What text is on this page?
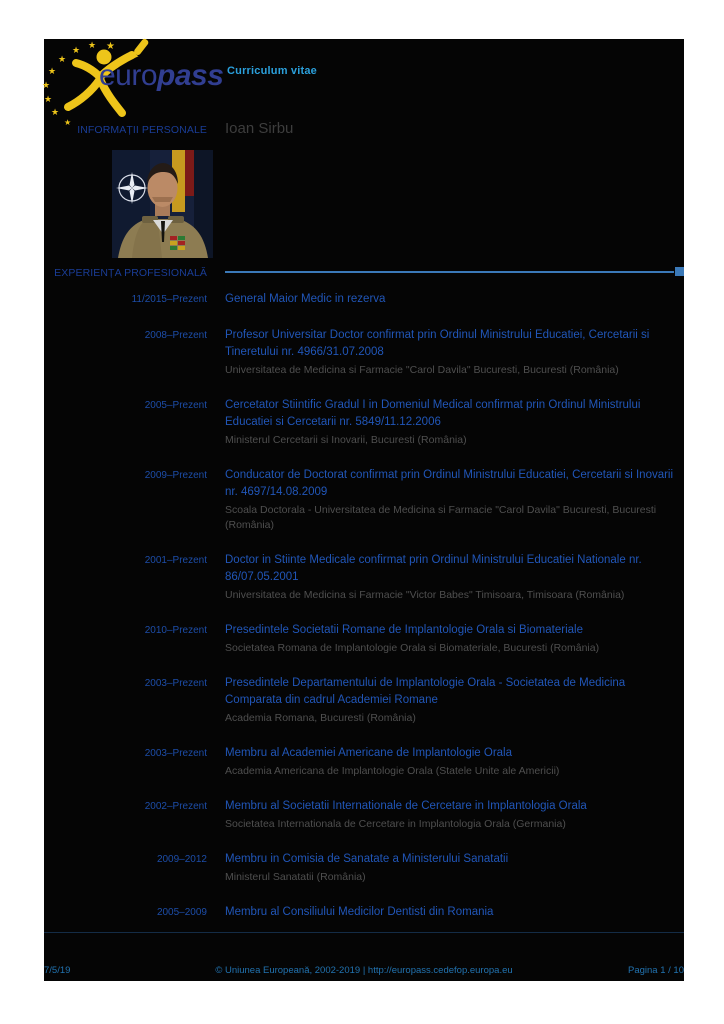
★
★
★
★
★
★
★
★
★
europass Curriculum vitae
INFORMAȚII PERSONALE Ioan Sirbu
EXPERIENȚA PROFESIONALĂ
11/2015–Prezent General Maior Medic in rezerva
2008–Prezent Profesor Universitar Doctor confirmat prin Ordinul Ministrului Educatiei, Cercetarii si Tineretului nr. 4966/31.07.2008
Universitatea de Medicina si Farmacie "Carol Davila" Bucuresti, Bucuresti (România)
2005–Prezent Cercetator Stiintific Gradul I in Domeniul Medical confirmat prin Ordinul Ministrului Educatiei si Cercetarii nr. 5849/11.12.2006
Ministerul Cercetarii si Inovarii, Bucuresti (România)
2009–Prezent Conducator de Doctorat confirmat prin Ordinul Ministrului Educatiei, Cercetarii si Inovarii nr. 4697/14.08.2009
Scoala Doctorala - Universitatea de Medicina si Farmacie "Carol Davila" Bucuresti, Bucuresti (România)
2001–Prezent Doctor in Stiinte Medicale confirmat prin Ordinul Ministrului Educatiei Nationale nr. 86/07.05.2001
Universitatea de Medicina si Farmacie "Victor Babes" Timisoara, Timisoara (România)
2010–Prezent Presedintele Societatii Romane de Implantologie Orala si Biomateriale
Societatea Romana de Implantologie Orala si Biomateriale, Bucuresti (România)
2003–Prezent Presedintele Departamentului de Implantologie Orala - Societatea de Medicina Comparata din cadrul Academiei Romane
Academia Romana, Bucuresti (România)
2003–Prezent Membru al Academiei Americane de Implantologie Orala
Academia Americana de Implantologie Orala (Statele Unite ale Americii)
2002–Prezent Membru al Societatii Internationale de Cercetare in Implantologia Orala
Societatea Internationala de Cercetare in Implantologia Orala (Germania)
2009–2012 Membru in Comisia de Sanatate a Ministerului Sanatatii
Ministerul Sanatatii (România)
2005–2009 Membru al Consiliului Medicilor Dentisti din Romania
7/5/19	© Uniunea Europeană, 2002-2019 | http://europass.cedefop.europa.eu	Pagina 1 / 10
